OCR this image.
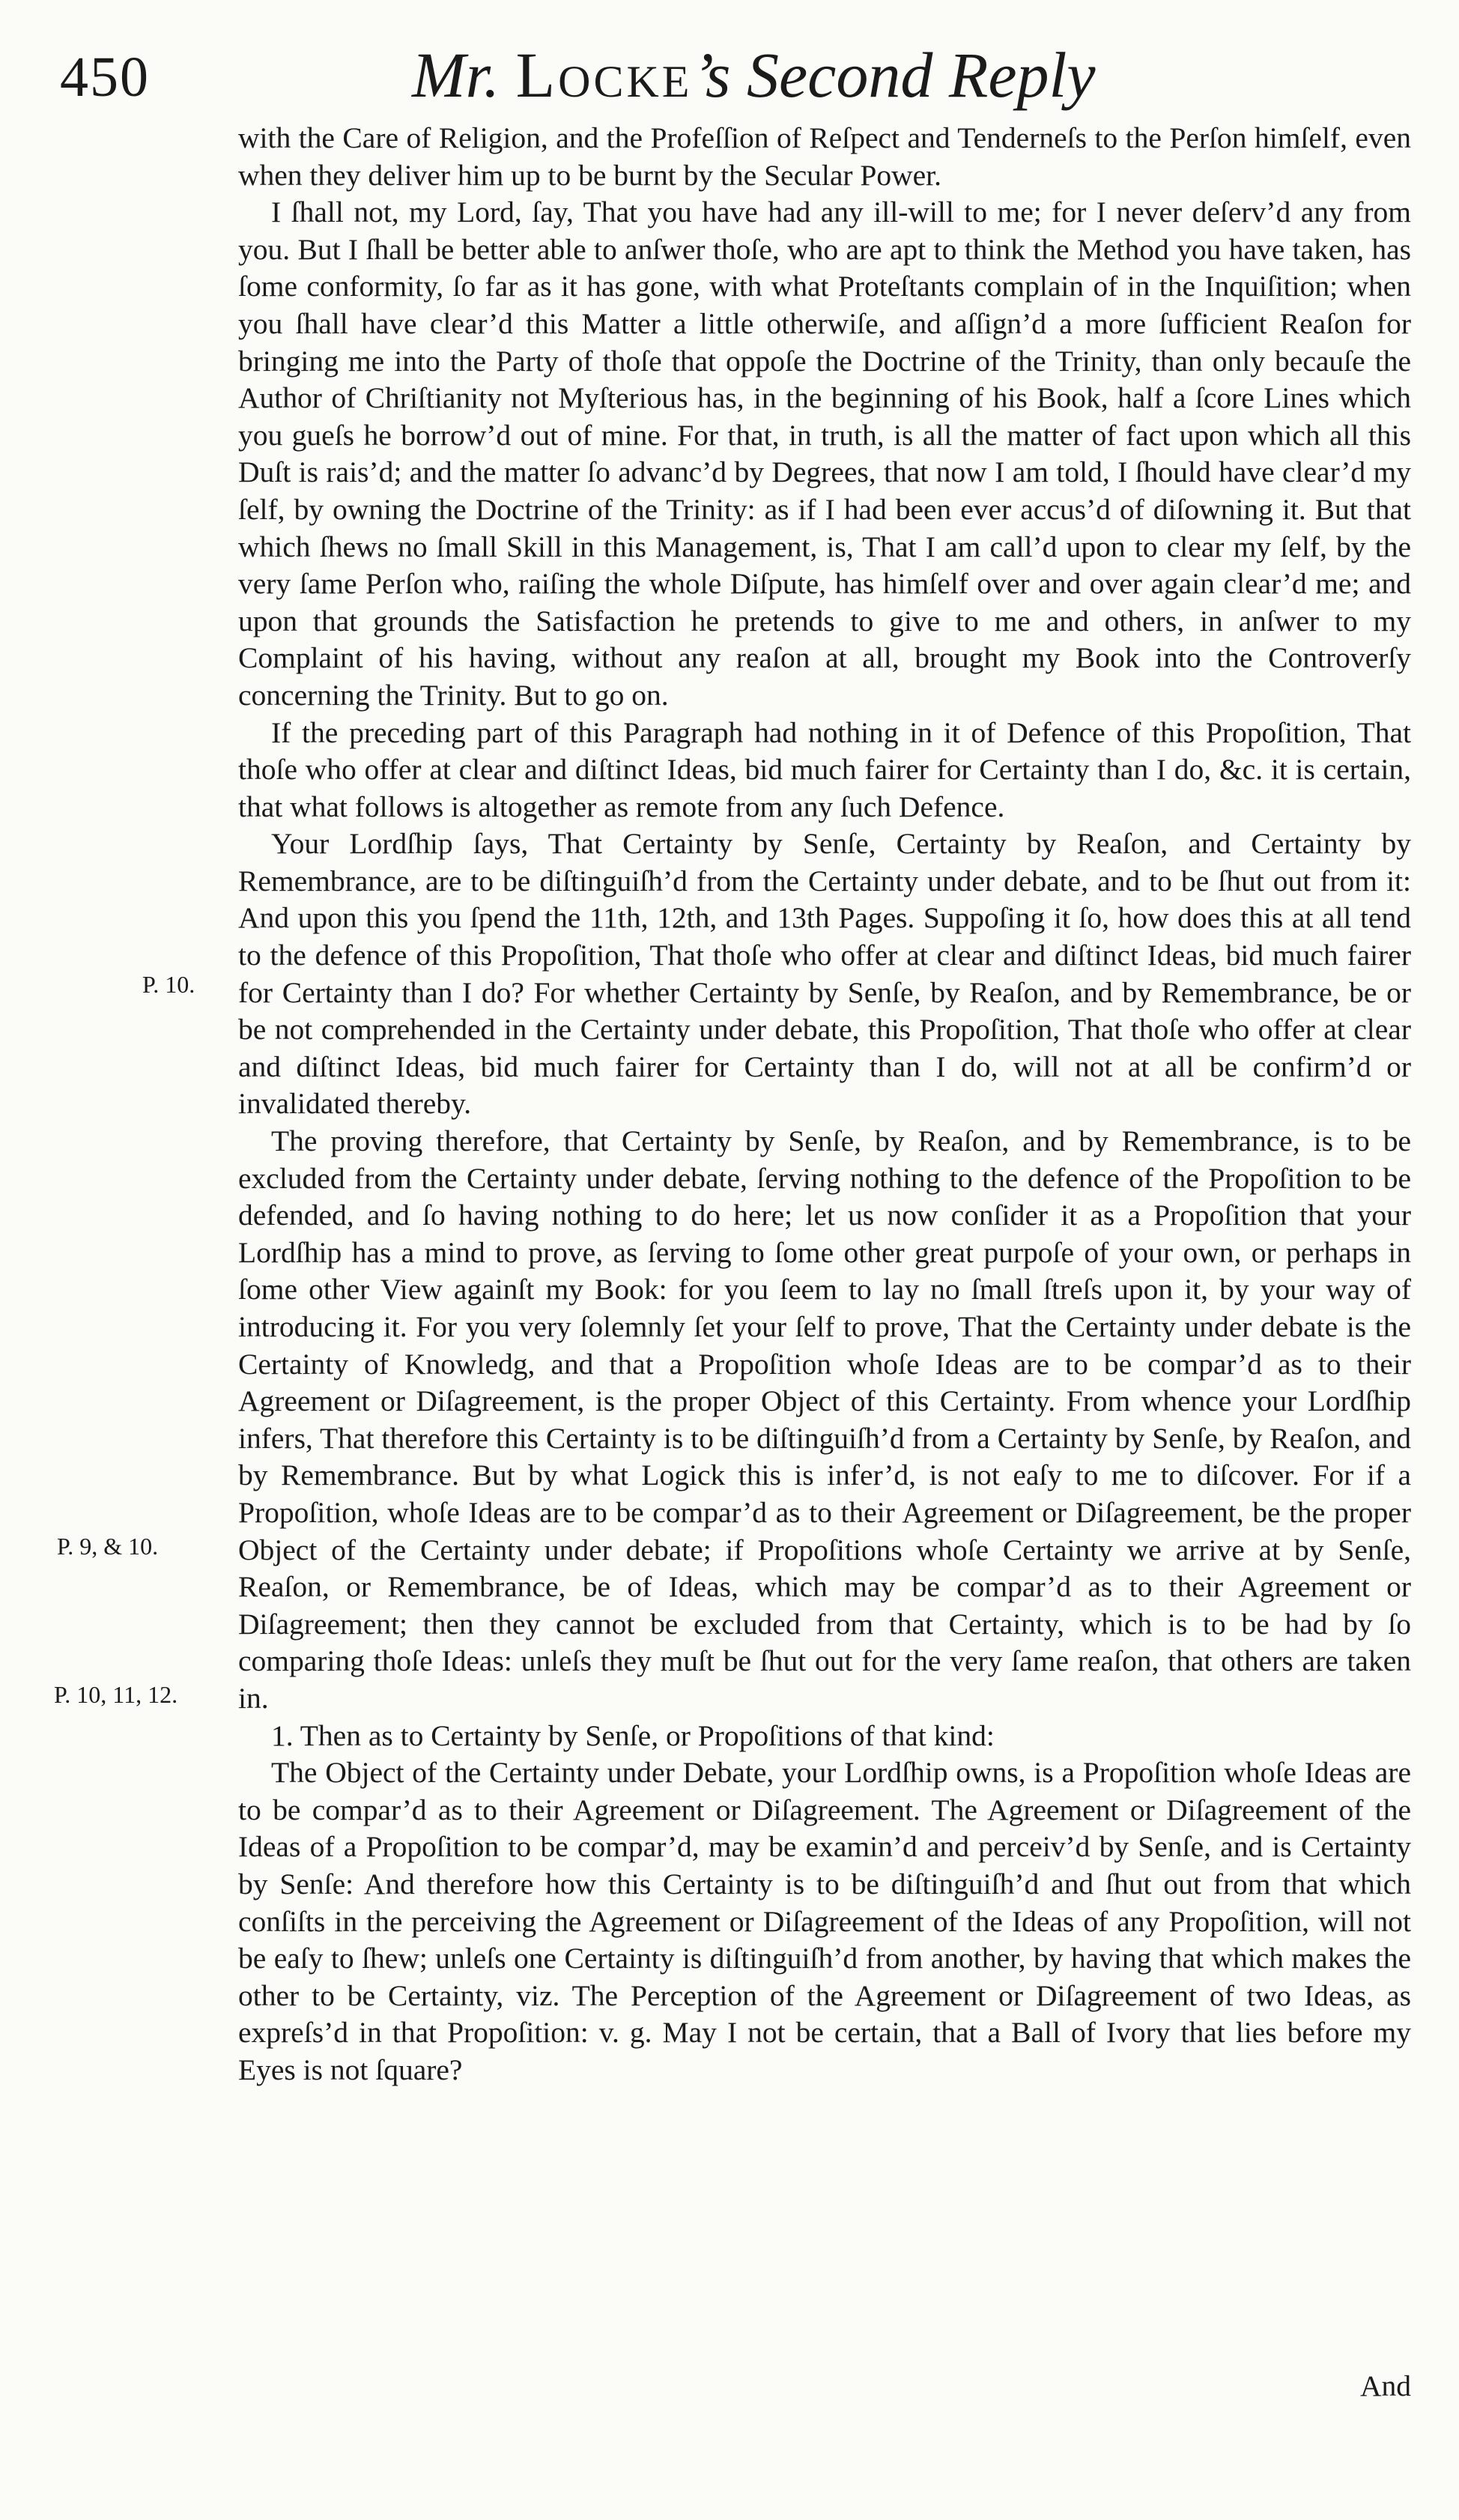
450	Mr. Locke’s Second Reply

with the Care of Religion, and the Profeſſion of Reſpect and Tenderneſs to the Perſon himſelf, even when they deliver him up to be burnt by the Secular Power.

I ſhall not, my Lord, ſay, That you have had any ill-will to me; for I never deſerv’d any from you. But I ſhall be better able to anſwer thoſe, who are apt to think the Method you have taken, has ſome conformity, ſo far as it has gone, with what Proteſtants complain of in the Inquiſition; when you ſhall have clear’d this Matter a little otherwiſe, and aſſign’d a more ſufficient Reaſon for bringing me into the Party of thoſe that oppoſe the Doctrine of the Trinity, than only becauſe the Author of Chriſtianity not Myſterious has, in the beginning of his Book, half a ſcore Lines which you gueſs he borrow’d out of mine. For that, in truth, is all the matter of fact upon which all this Duſt is rais’d; and the matter ſo advanc’d by Degrees, that now I am told, I ſhould have clear’d my ſelf, by owning the Doctrine of the Trinity: as if I had been ever accus’d of diſowning it. But that which ſhews no ſmall Skill in this Management, is, That I am call’d upon to clear my ſelf, by the very ſame Perſon who, raiſing the whole Diſpute, has himſelf over and over again clear’d me; and upon that grounds the Satisfaction he pretends to give to me and others, in anſwer to my Complaint of his having, without any reaſon at all, brought my Book into the Controverſy concerning the Trinity. But to go on.

If the preceding part of this Paragraph had nothing in it of Defence of this Propoſition, That thoſe who offer at clear and diſtinct Ideas, bid much fairer for Certainty than I do, &c. it is certain, that what follows is altogether as remote from any ſuch Defence.

Your Lordſhip ſays, That Certainty by Senſe, Certainty by Reaſon, and Certainty by Remembrance, are to be diſtinguiſh’d from the Certainty under debate, and to be ſhut out from it: And upon this you ſpend the 11th, 12th, and 13th Pages. Suppoſing it ſo, how does this at all tend to the defence of this Propoſition, That thoſe who offer at clear and diſtinct Ideas, bid much fairer for Certainty than I do? For whether Certainty by Senſe, by Reaſon, and by Remembrance, be or be not comprehended in the Certainty under debate, this Propoſition, That thoſe who offer at clear and diſtinct Ideas, bid much fairer for Certainty than I do, will not at all be confirm’d or invalidated thereby.

The proving therefore, that Certainty by Senſe, by Reaſon, and by Remembrance, is to be excluded from the Certainty under debate, ſerving nothing to the defence of the Propoſition to be defended, and ſo having nothing to do here; let us now conſider it as a Propoſition that your Lordſhip has a mind to prove, as ſerving to ſome other great purpoſe of your own, or perhaps in ſome other View againſt my Book: for you ſeem to lay no ſmall ſtreſs upon it, by your way of introducing it. For you very ſolemnly ſet your ſelf to prove, That the Certainty under debate is the Certainty of Knowledg, and that a Propoſition whoſe Ideas are to be compar’d as to their Agreement or Diſagreement, is the proper Object of this Certainty. From whence your Lordſhip infers, That therefore this Certainty is to be diſtinguiſh’d from a Certainty by Senſe, by Reaſon, and by Remembrance. But by what Logick this is infer’d, is not eaſy to me to diſcover. For if a Propoſition, whoſe Ideas are to be compar’d as to their Agreement or Diſagreement, be the proper Object of the Certainty under debate; if Propoſitions whoſe Certainty we arrive at by Senſe, Reaſon, or Remembrance, be of Ideas, which may be compar’d as to their Agreement or Diſagreement; then they cannot be excluded from that Certainty, which is to be had by ſo comparing thoſe Ideas: unleſs they muſt be ſhut out for the very ſame reaſon, that others are taken in.

1. Then as to Certainty by Senſe, or Propoſitions of that kind:

The Object of the Certainty under Debate, your Lordſhip owns, is a Propoſition whoſe Ideas are to be compar’d as to their Agreement or Diſagreement. The Agreement or Diſagreement of the Ideas of a Propoſition to be compar’d, may be examin’d and perceiv’d by Senſe, and is Certainty by Senſe: And therefore how this Certainty is to be diſtinguiſh’d and ſhut out from that which conſiſts in the perceiving the Agreement or Diſagreement of the Ideas of any Propoſition, will not be eaſy to ſhew; unleſs one Certainty is diſtinguiſh’d from another, by having that which makes the other to be Certainty, viz. The Perception of the Agreement or Diſagreement of two Ideas, as expreſs’d in that Propoſition: v. g. May I not be certain, that a Ball of Ivory that lies before my Eyes is not ſquare?

P. 10.
P. 9, & 10.
P. 10, 11, 12.
And
